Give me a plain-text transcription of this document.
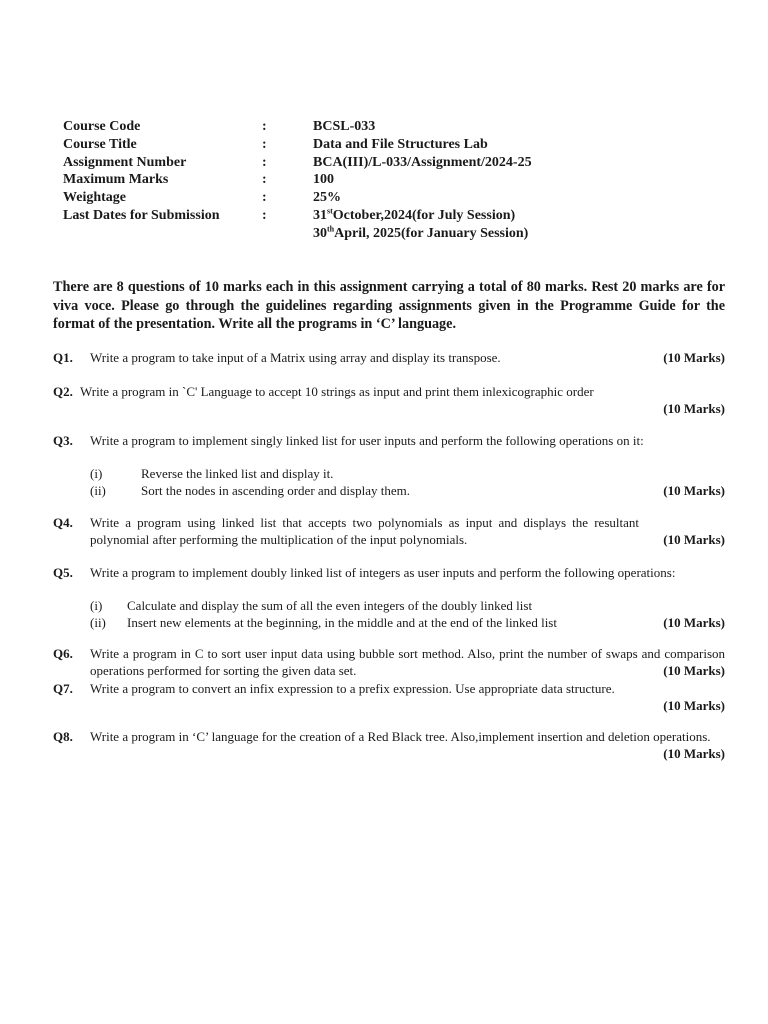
Course Code	:	BCSL-033
Course Title	:	Data and File Structures Lab
Assignment Number	:	BCA(III)/L-033/Assignment/2024-25
Maximum Marks	:	100
Weightage	:	25%
Last Dates for Submission	:	31stOctober,2024(for July Session)
30thApril, 2025(for January Session)
There are 8 questions of 10 marks each in this assignment carrying a total of 80 marks. Rest 20 marks are for viva voce. Please go through the guidelines regarding assignments given in the Programme Guide for the format of the presentation. Write all the programs in ‘C’ language.
Q1. Write a program to take input of a Matrix using array and display its transpose.	(10 Marks)
Q2. Write a program in `C' Language to accept 10 strings as input and print them inlexicographic order
(10 Marks)
Q3. Write a program to implement singly linked list for user inputs and perform the following operations on it:
(i)	Reverse the linked list and display it.
(ii)	Sort the nodes in ascending order and display them.	(10 Marks)
Q4. Write a program using linked list that accepts two polynomials as input and displays the resultant polynomial after performing the multiplication of the input polynomials.	(10 Marks)
Q5. Write a program to implement doubly linked list of integers as user inputs and perform the following operations:
(i) Calculate and display the sum of all the even integers of the doubly linked list
(ii) Insert new elements at the beginning, in the middle and at the end of the linked list	(10 Marks)
Q6. Write a program in C to sort user input data using bubble sort method. Also, print the number of swaps and comparison operations performed for sorting the given data set.	(10 Marks)
Q7. Write a program to convert an infix expression to a prefix expression. Use appropriate data structure.
(10 Marks)
Q8. Write a program in ‘C’ language for the creation of a Red Black tree. Also,implement insertion and deletion operations.
(10 Marks)
